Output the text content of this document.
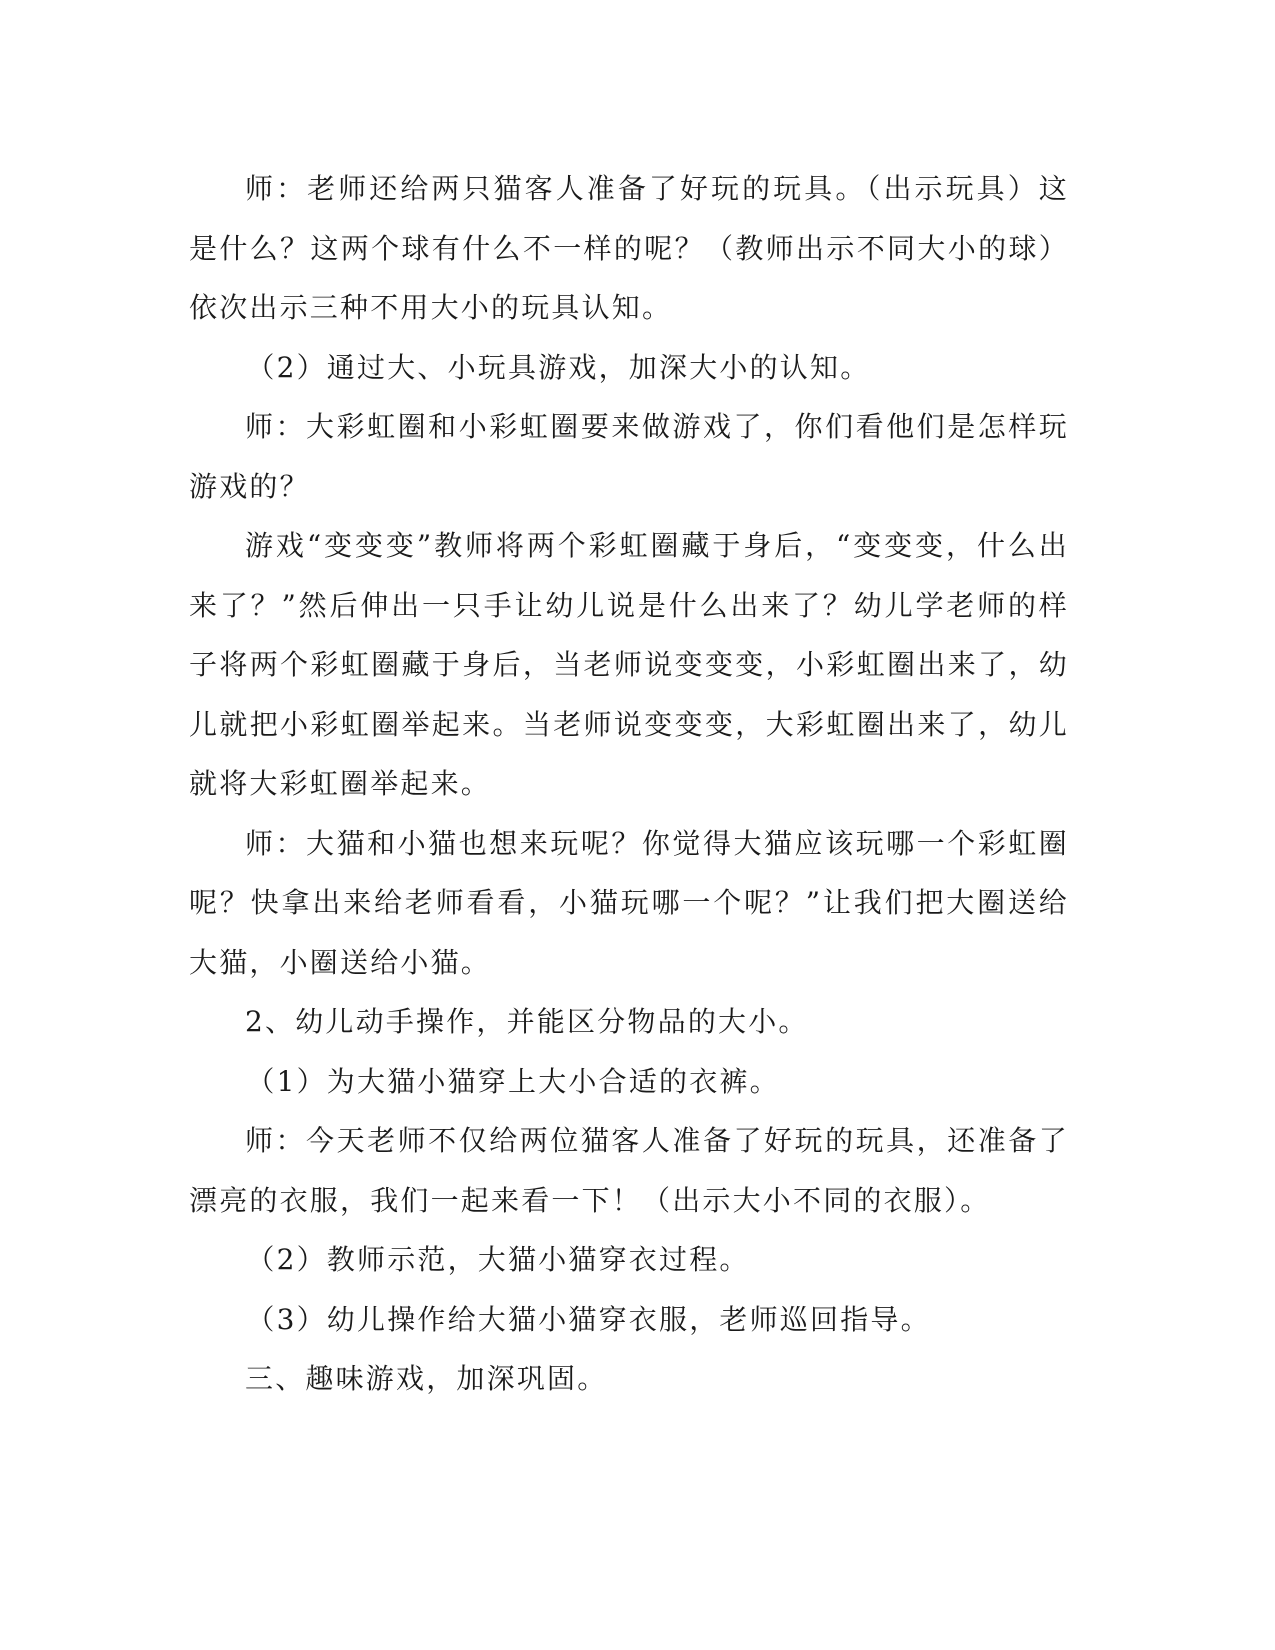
师：老师还给两只猫客人准备了好玩的玩具。（出示玩具）这是什么？这两个球有什么不一样的呢？（教师出示不同大小的球）依次出示三种不用大小的玩具认知。

（2）通过大、小玩具游戏，加深大小的认知。

师：大彩虹圈和小彩虹圈要来做游戏了，你们看他们是怎样玩游戏的？

游戏“变变变”教师将两个彩虹圈藏于身后，“变变变，什么出来了？”然后伸出一只手让幼儿说是什么出来了？幼儿学老师的样子将两个彩虹圈藏于身后，当老师说变变变，小彩虹圈出来了，幼儿就把小彩虹圈举起来。当老师说变变变，大彩虹圈出来了，幼儿就将大彩虹圈举起来。

师：大猫和小猫也想来玩呢？你觉得大猫应该玩哪一个彩虹圈呢？快拿出来给老师看看，小猫玩哪一个呢？”让我们把大圈送给大猫，小圈送给小猫。

2、幼儿动手操作，并能区分物品的大小。

（1）为大猫小猫穿上大小合适的衣裤。

师：今天老师不仅给两位猫客人准备了好玩的玩具，还准备了漂亮的衣服，我们一起来看一下！（出示大小不同的衣服）。

（2）教师示范，大猫小猫穿衣过程。

（3）幼儿操作给大猫小猫穿衣服，老师巡回指导。

三、趣味游戏，加深巩固。
